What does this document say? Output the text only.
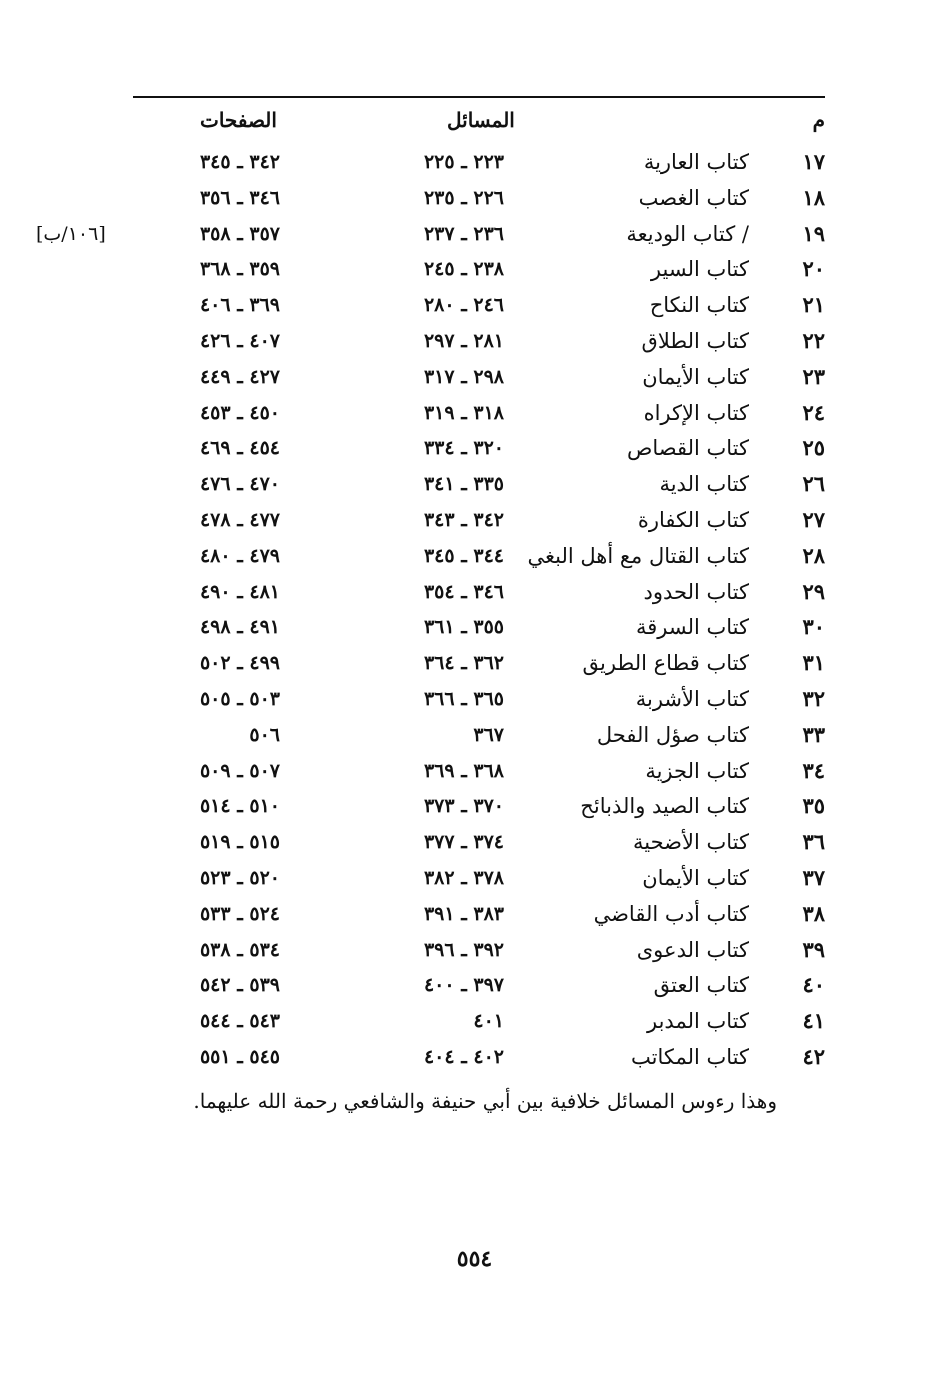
م
المسائل
الصفحات
١٧
كتاب العارية
٢٢٣ ـ ٢٢٥
٣٤٢ ـ ٣٤٥
١٨
كتاب الغصب
٢٢٦ ـ ٢٣٥
٣٤٦ ـ ٣٥٦
١٩
/ كتاب الوديعة
٢٣٦ ـ ٢٣٧
٣٥٧ ـ ٣٥٨
[١٠٦/ب]
٢٠
كتاب السير
٢٣٨ ـ ٢٤٥
٣٥٩ ـ ٣٦٨
٢١
كتاب النكاح
٢٤٦ ـ ٢٨٠
٣٦٩ ـ ٤٠٦
٢٢
كتاب الطلاق
٢٨١ ـ ٢٩٧
٤٠٧ ـ ٤٢٦
٢٣
كتاب الأيمان
٢٩٨ ـ ٣١٧
٤٢٧ ـ ٤٤٩
٢٤
كتاب الإكراه
٣١٨ ـ ٣١٩
٤٥٠ ـ ٤٥٣
٢٥
كتاب القصاص
٣٢٠ ـ ٣٣٤
٤٥٤ ـ ٤٦٩
٢٦
كتاب الدية
٣٣٥ ـ ٣٤١
٤٧٠ ـ ٤٧٦
٢٧
كتاب الكفارة
٣٤٢ ـ ٣٤٣
٤٧٧ ـ ٤٧٨
٢٨
كتاب القتال مع أهل البغي
٣٤٤ ـ ٣٤٥
٤٧٩ ـ ٤٨٠
٢٩
كتاب الحدود
٣٤٦ ـ ٣٥٤
٤٨١ ـ ٤٩٠
٣٠
كتاب السرقة
٣٥٥ ـ ٣٦١
٤٩١ ـ ٤٩٨
٣١
كتاب قطاع الطريق
٣٦٢ ـ ٣٦٤
٤٩٩ ـ ٥٠٢
٣٢
كتاب الأشربة
٣٦٥ ـ ٣٦٦
٥٠٣ ـ ٥٠٥
٣٣
كتاب صؤل الفحل
٣٦٧
٥٠٦
٣٤
كتاب الجزية
٣٦٨ ـ ٣٦٩
٥٠٧ ـ ٥٠٩
٣٥
كتاب الصيد والذبائح
٣٧٠ ـ ٣٧٣
٥١٠ ـ ٥١٤
٣٦
كتاب الأضحية
٣٧٤ ـ ٣٧٧
٥١٥ ـ ٥١٩
٣٧
كتاب الأيمان
٣٧٨ ـ ٣٨٢
٥٢٠ ـ ٥٢٣
٣٨
كتاب أدب القاضي
٣٨٣ ـ ٣٩١
٥٢٤ ـ ٥٣٣
٣٩
كتاب الدعوى
٣٩٢ ـ ٣٩٦
٥٣٤ ـ ٥٣٨
٤٠
كتاب العتق
٣٩٧ ـ ٤٠٠
٥٣٩ ـ ٥٤٢
٤١
كتاب المدبر
٤٠١
٥٤٣ ـ ٥٤٤
٤٢
كتاب المكاتب
٤٠٢ ـ ٤٠٤
٥٤٥ ـ ٥٥١
وهذا رءوس المسائل خلافية بين أبي حنيفة والشافعي رحمة الله عليهما.
٥٥٤
